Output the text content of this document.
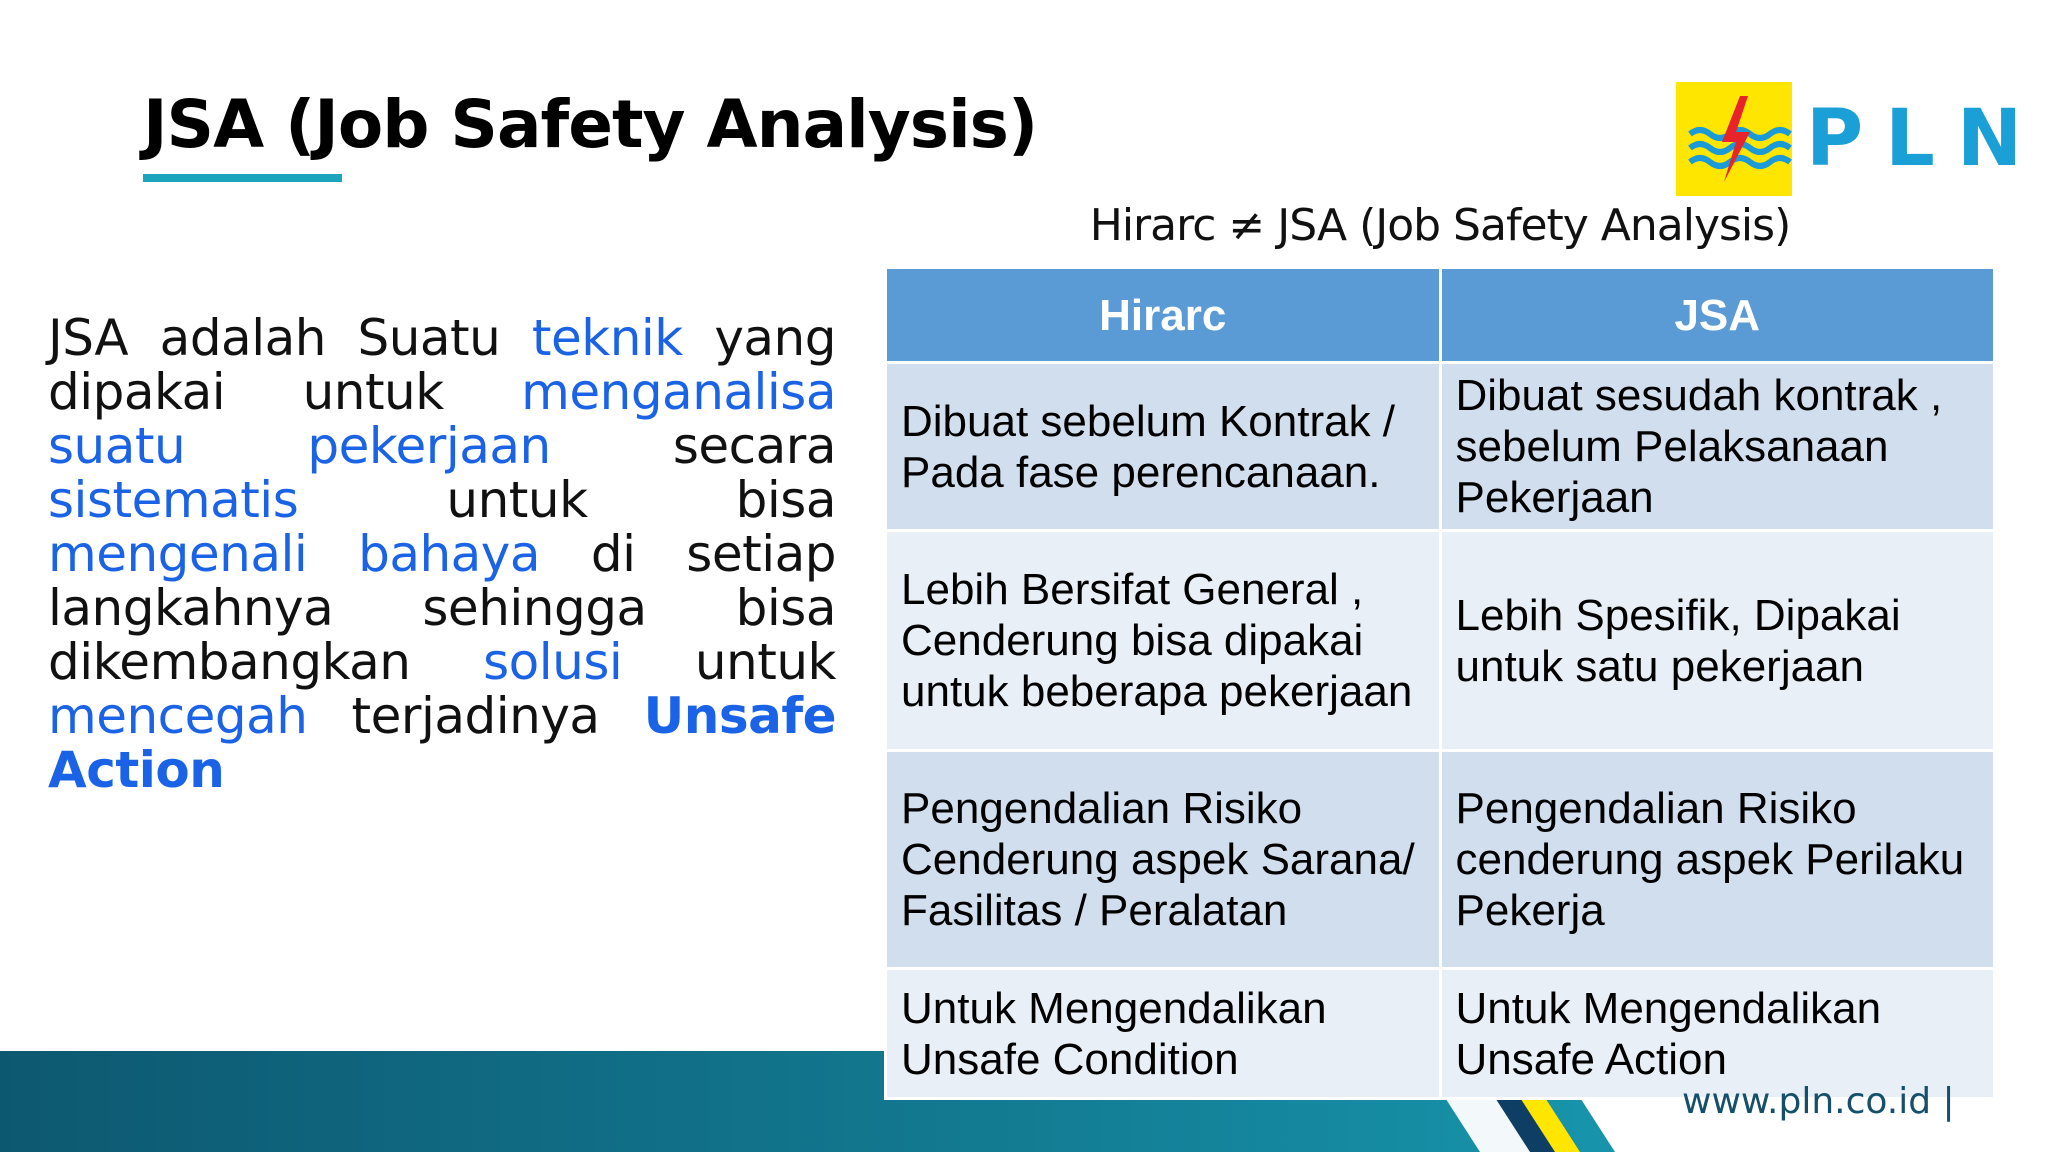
JSA (Job Safety Analysis)	PLN
Hirarc ≠ JSA (Job Safety Analysis)

JSA adalah Suatu teknik yang dipakai untuk menganalisa suatu pekerjaan secara sistematis untuk bisa mengenali bahaya di setiap langkahnya sehingga bisa dikembangkan solusi untuk mencegah terjadinya Unsafe Action

Hirarc	JSA
Dibuat sebelum Kontrak / Pada fase perencanaan.	Dibuat sesudah kontrak , sebelum Pelaksanaan Pekerjaan
Lebih Bersifat General , Cenderung bisa dipakai untuk beberapa pekerjaan	Lebih Spesifik, Dipakai untuk satu pekerjaan
Pengendalian Risiko Cenderung aspek Sarana/ Fasilitas / Peralatan	Pengendalian Risiko cenderung aspek Perilaku Pekerja
Untuk Mengendalikan Unsafe Condition	Untuk Mengendalikan Unsafe Action
www.pln.co.id |
